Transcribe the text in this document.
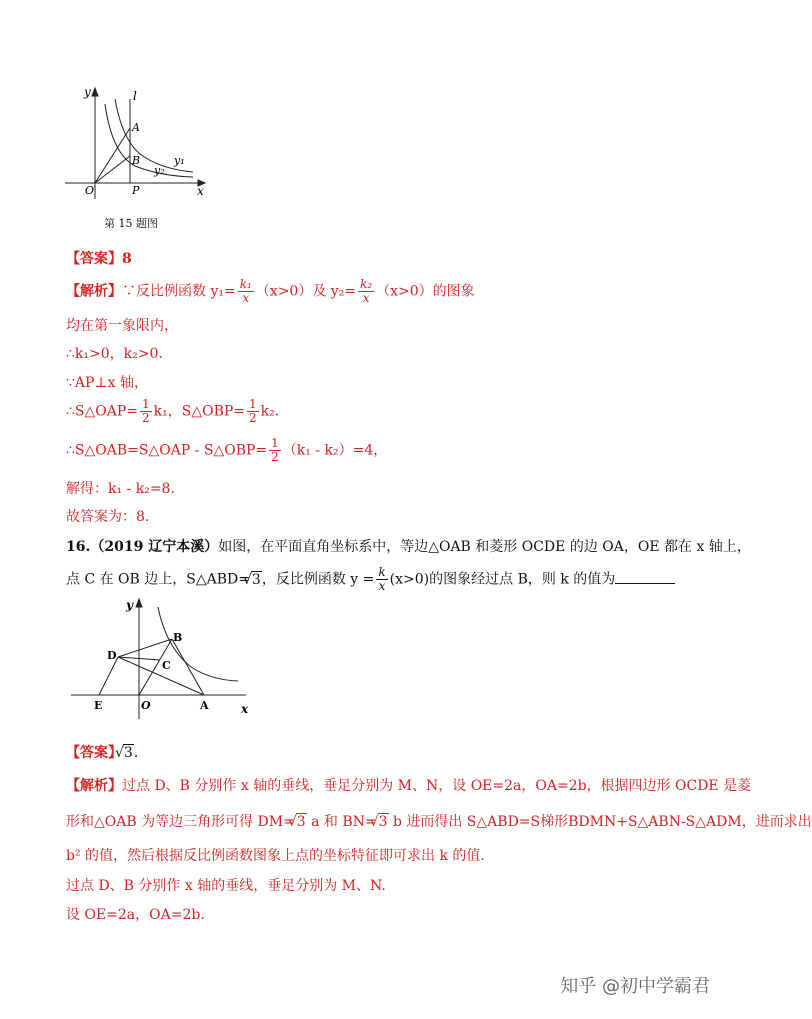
y	l
A
B
O	P	x
y₁
y₂
第 15 题图
【答案】8
【解析】∵反比例函数 $y_1= \frac{\text{k₁}}{x} (x>0)$及 $y_2= \frac{\text{k₂}}{x} (x>0)$的图象
均在第一象限内，
∴k₁>0，k₂>0.
∵AP⊥x 轴，
∴S△OAP= $\frac{1}{2} k_1$，S△OBP= $\frac{1}{2} k_2$.
∴S△OAB=S△OAP - S△OBP= $\frac{1}{2} (k_1 - k_2)=4$，
解得：k₁ - k₂=8.
故答案为：8.
16.（2019 辽宁本溪）如图，在平面直角坐标系中，等边△OAB 和菱形 OCDE 的边 OA，OE 都在 x 轴上，
点 C 在 OB 边上，S△ABD= √ 3，反比例函数 $y = \frac{k}{x} (x>0)$的图象经过点 B，则 k 的值为
y
B
D
C
E	O	A	x
【答案】 √ 3.
【解析】过点 D、B 分别作 x 轴的垂线，垂足分别为 M、N，设 OE=2a，OA=2b，根据四边形 OCDE 是菱
形和△OAB 为等边三角形可得 DM= √ 3 a 和 BN= √ 3 b 进而得出 S△ABD=S梯形BDMN+S△ABN-S△ADM，进而求出
b² 的值，然后根据反比例函数图象上点的坐标特征即可求出 k 的值.
过点 D、B 分别作 x 轴的垂线，垂足分别为 M、N.
设 OE=2a，OA=2b.
知乎 @初中学霸君
